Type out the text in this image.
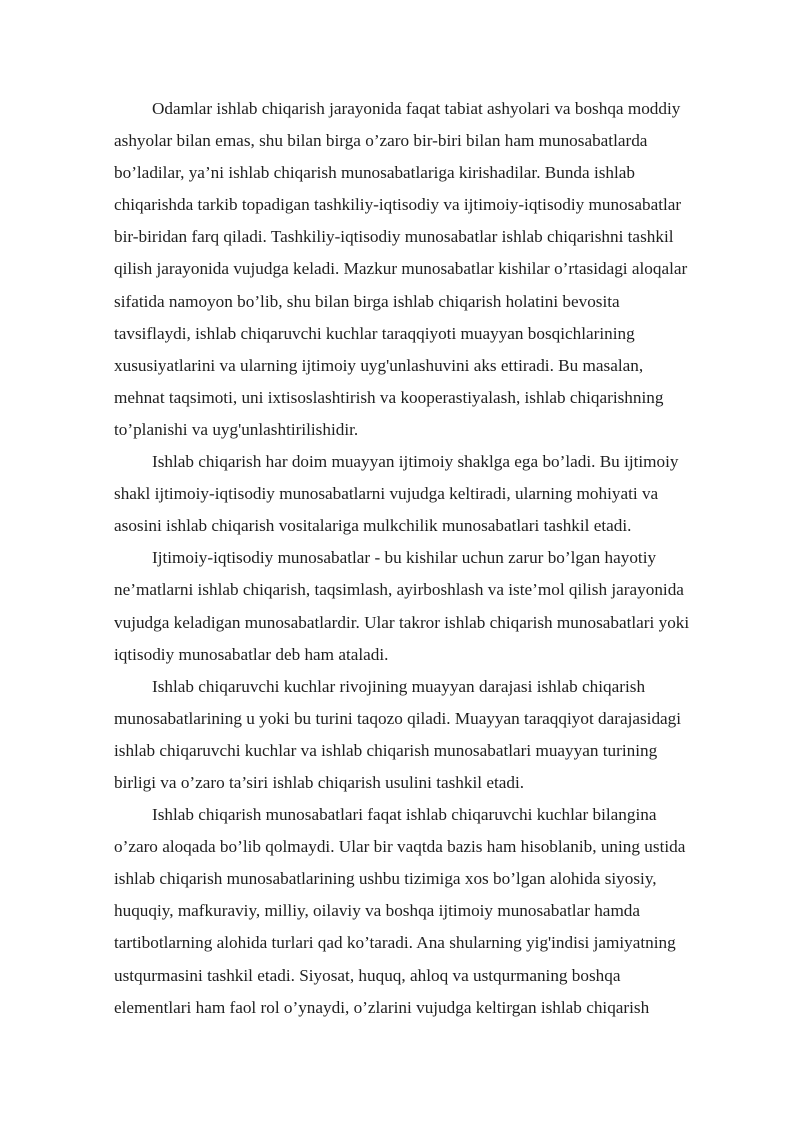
Odamlar ishlab chiqarish jarayonida faqat tabiat ashyolari va boshqa moddiy
ashyolar bilan emas, shu bilan birga o’zaro bir-biri bilan ham munosabatlarda
bo’ladilar, ya’ni ishlab chiqarish munosabatlariga kirishadilar. Bunda ishlab
chiqarishda tarkib topadigan tashkiliy-iqtisodiy va ijtimoiy-iqtisodiy munosabatlar
bir-biridan farq qiladi. Tashkiliy-iqtisodiy munosabatlar ishlab chiqarishni tashkil
qilish jarayonida vujudga keladi. Mazkur munosabatlar kishilar o’rtasidagi aloqalar
sifatida namoyon bo’lib, shu bilan birga ishlab chiqarish holatini bevosita
tavsiflaydi, ishlab chiqaruvchi kuchlar taraqqiyoti muayyan bosqichlarining
xususiyatlarini va ularning ijtimoiy uyg'unlashuvini aks ettiradi. Bu masalan,
mehnat taqsimoti, uni ixtisoslashtirish va kooperastiyalash, ishlab chiqarishning
to’planishi va uyg'unlashtirilishidir.
Ishlab chiqarish har doim muayyan ijtimoiy shaklga ega bo’ladi. Bu ijtimoiy
shakl ijtimoiy-iqtisodiy munosabatlarni vujudga keltiradi, ularning mohiyati va
asosini ishlab chiqarish vositalariga mulkchilik munosabatlari tashkil etadi.
Ijtimoiy-iqtisodiy munosabatlar - bu kishilar uchun zarur bo’lgan hayotiy
ne’matlarni ishlab chiqarish, taqsimlash, ayirboshlash va iste’mol qilish jarayonida
vujudga keladigan munosabatlardir. Ular takror ishlab chiqarish munosabatlari yoki
iqtisodiy munosabatlar deb ham ataladi.
Ishlab chiqaruvchi kuchlar rivojining muayyan darajasi ishlab chiqarish
munosabatlarining u yoki bu turini taqozo qiladi. Muayyan taraqqiyot darajasidagi
ishlab chiqaruvchi kuchlar va ishlab chiqarish munosabatlari muayyan turining
birligi va o’zaro ta’siri ishlab chiqarish usulini tashkil etadi.
Ishlab chiqarish munosabatlari faqat ishlab chiqaruvchi kuchlar bilangina
o’zaro aloqada bo’lib qolmaydi. Ular bir vaqtda bazis ham hisoblanib, uning ustida
ishlab chiqarish munosabatlarining ushbu tizimiga xos bo’lgan alohida siyosiy,
huquqiy, mafkuraviy, milliy, oilaviy va boshqa ijtimoiy munosabatlar hamda
tartibotlarning alohida turlari qad ko’taradi. Ana shularning yig'indisi jamiyatning
ustqurmasini tashkil etadi. Siyosat, huquq, ahloq va ustqurmaning boshqa
elementlari ham faol rol o’ynaydi, o’zlarini vujudga keltirgan ishlab chiqarish
